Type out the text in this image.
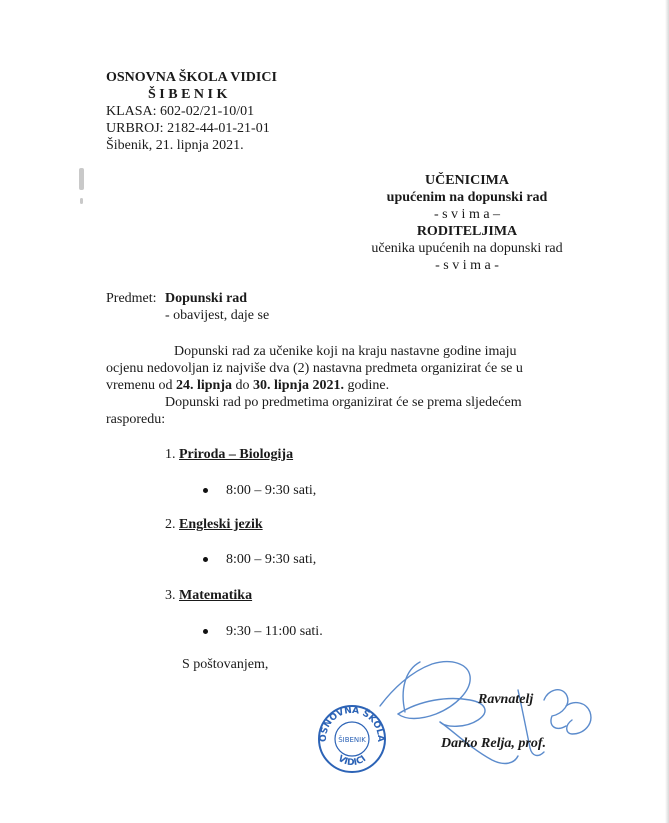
OSNOVNA ŠKOLA VIDICI
Š I B E N I K
KLASA: 602-02/21-10/01
URBROJ: 2182-44-01-21-01
Šibenik, 21. lipnja 2021.
UČENICIMA
upućenim na dopunski rad
- s v i m a –
RODITELJIMA
učenika upućenih na dopunski rad
- s v i m a -
Predmet: Dopunski rad
- obavijest, daje se
Dopunski rad za učenike koji na kraju nastavne godine imaju
ocjenu nedovoljan iz najviše dva (2) nastavna predmeta organizirat će se u
vremenu od 24. lipnja do 30. lipnja 2021. godine.
Dopunski rad po predmetima organizirat će se prema sljedećem
rasporedu:
1. Priroda – Biologija
8:00 – 9:30 sati,
2. Engleski jezik
8:00 – 9:30 sati,
3. Matematika
9:30 – 11:00 sati.
S poštovanjem,
OSNOVNA ŠKOLA
ŠIBENIK
VIDICI
Ravnatelj
Darko Relja, prof.
